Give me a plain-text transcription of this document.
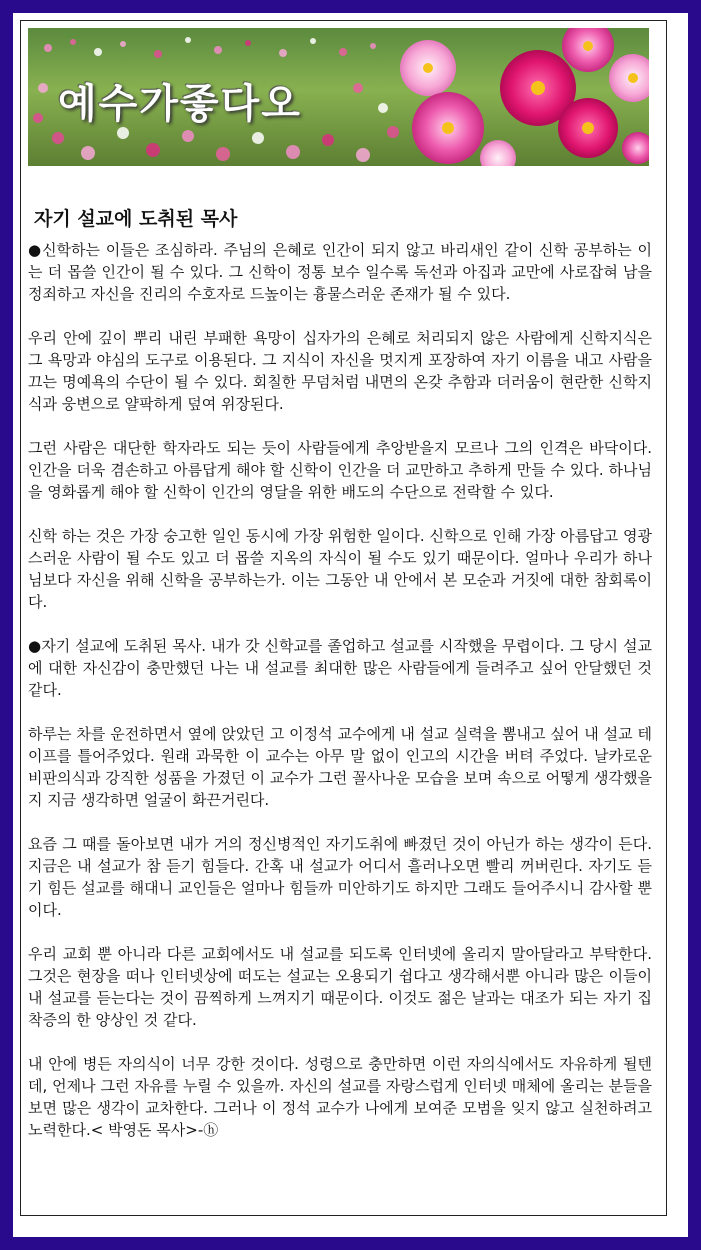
예수가좋다오
자기 설교에 도취된 목사

●신학하는 이들은 조심하라. 주님의 은혜로 인간이 되지 않고 바리새인 같이 신학 공부하는 이는 더 몹쓸 인간이 될 수 있다. 그 신학이 정통 보수 일수록 독선과 아집과 교만에 사로잡혀 남을 정죄하고 자신을 진리의 수호자로 드높이는 흉물스러운 존재가 될 수 있다.

우리 안에 깊이 뿌리 내린 부패한 욕망이 십자가의 은혜로 처리되지 않은 사람에게 신학지식은 그 욕망과 야심의 도구로 이용된다. 그 지식이 자신을 멋지게 포장하여 자기 이름을 내고 사람을 끄는 명예욕의 수단이 될 수 있다. 회칠한 무덤처럼 내면의 온갖 추함과 더러움이 현란한 신학지식과 웅변으로 얄팍하게 덮여 위장된다.

그런 사람은 대단한 학자라도 되는 듯이 사람들에게 추앙받을지 모르나 그의 인격은 바닥이다. 인간을 더욱 겸손하고 아름답게 해야 할 신학이 인간을 더 교만하고 추하게 만들 수 있다. 하나님을 영화롭게 해야 할 신학이 인간의 영달을 위한 배도의 수단으로 전락할 수 있다.

신학 하는 것은 가장 숭고한 일인 동시에 가장 위험한 일이다. 신학으로 인해 가장 아름답고 영광스러운 사람이 될 수도 있고 더 몹쓸 지옥의 자식이 될 수도 있기 때문이다. 얼마나 우리가 하나님보다 자신을 위해 신학을 공부하는가. 이는 그동안 내 안에서 본 모순과 거짓에 대한 참회록이다.

●자기 설교에 도취된 목사. 내가 갓 신학교를 졸업하고 설교를 시작했을 무렵이다. 그 당시 설교에 대한 자신감이 충만했던 나는 내 설교를 최대한 많은 사람들에게 들려주고 싶어 안달했던 것 같다.

하루는 차를 운전하면서 옆에 앉았던 고 이정석 교수에게 내 설교 실력을 뽐내고 싶어 내 설교 테이프를 틀어주었다. 원래 과묵한 이 교수는 아무 말 없이 인고의 시간을 버텨 주었다. 날카로운 비판의식과 강직한 성품을 가졌던 이 교수가 그런 꼴사나운 모습을 보며 속으로 어떻게 생각했을지 지금 생각하면 얼굴이 화끈거린다.

요즘 그 때를 돌아보면 내가 거의 정신병적인 자기도취에 빠졌던 것이 아닌가 하는 생각이 든다. 지금은 내 설교가 참 듣기 힘들다. 간혹 내 설교가 어디서 흘러나오면 빨리 꺼버린다. 자기도 듣기 힘든 설교를 해대니 교인들은 얼마나 힘들까 미안하기도 하지만 그래도 들어주시니 감사할 뿐이다.

우리 교회 뿐 아니라 다른 교회에서도 내 설교를 되도록 인터넷에 올리지 말아달라고 부탁한다. 그것은 현장을 떠나 인터넷상에 떠도는 설교는 오용되기 쉽다고 생각해서뿐 아니라 많은 이들이 내 설교를 듣는다는 것이 끔찍하게 느껴지기 때문이다. 이것도 젊은 날과는 대조가 되는 자기 집착증의 한 양상인 것 같다.

내 안에 병든 자의식이 너무 강한 것이다. 성령으로 충만하면 이런 자의식에서도 자유하게 될텐데, 언제나 그런 자유를 누릴 수 있을까. 자신의 설교를 자랑스럽게 인터넷 매체에 올리는 분들을 보면 많은 생각이 교차한다. 그러나 이 정석 교수가 나에게 보여준 모범을 잊지 않고 실천하려고 노력한다.< 박영돈 목사>-ⓗ
